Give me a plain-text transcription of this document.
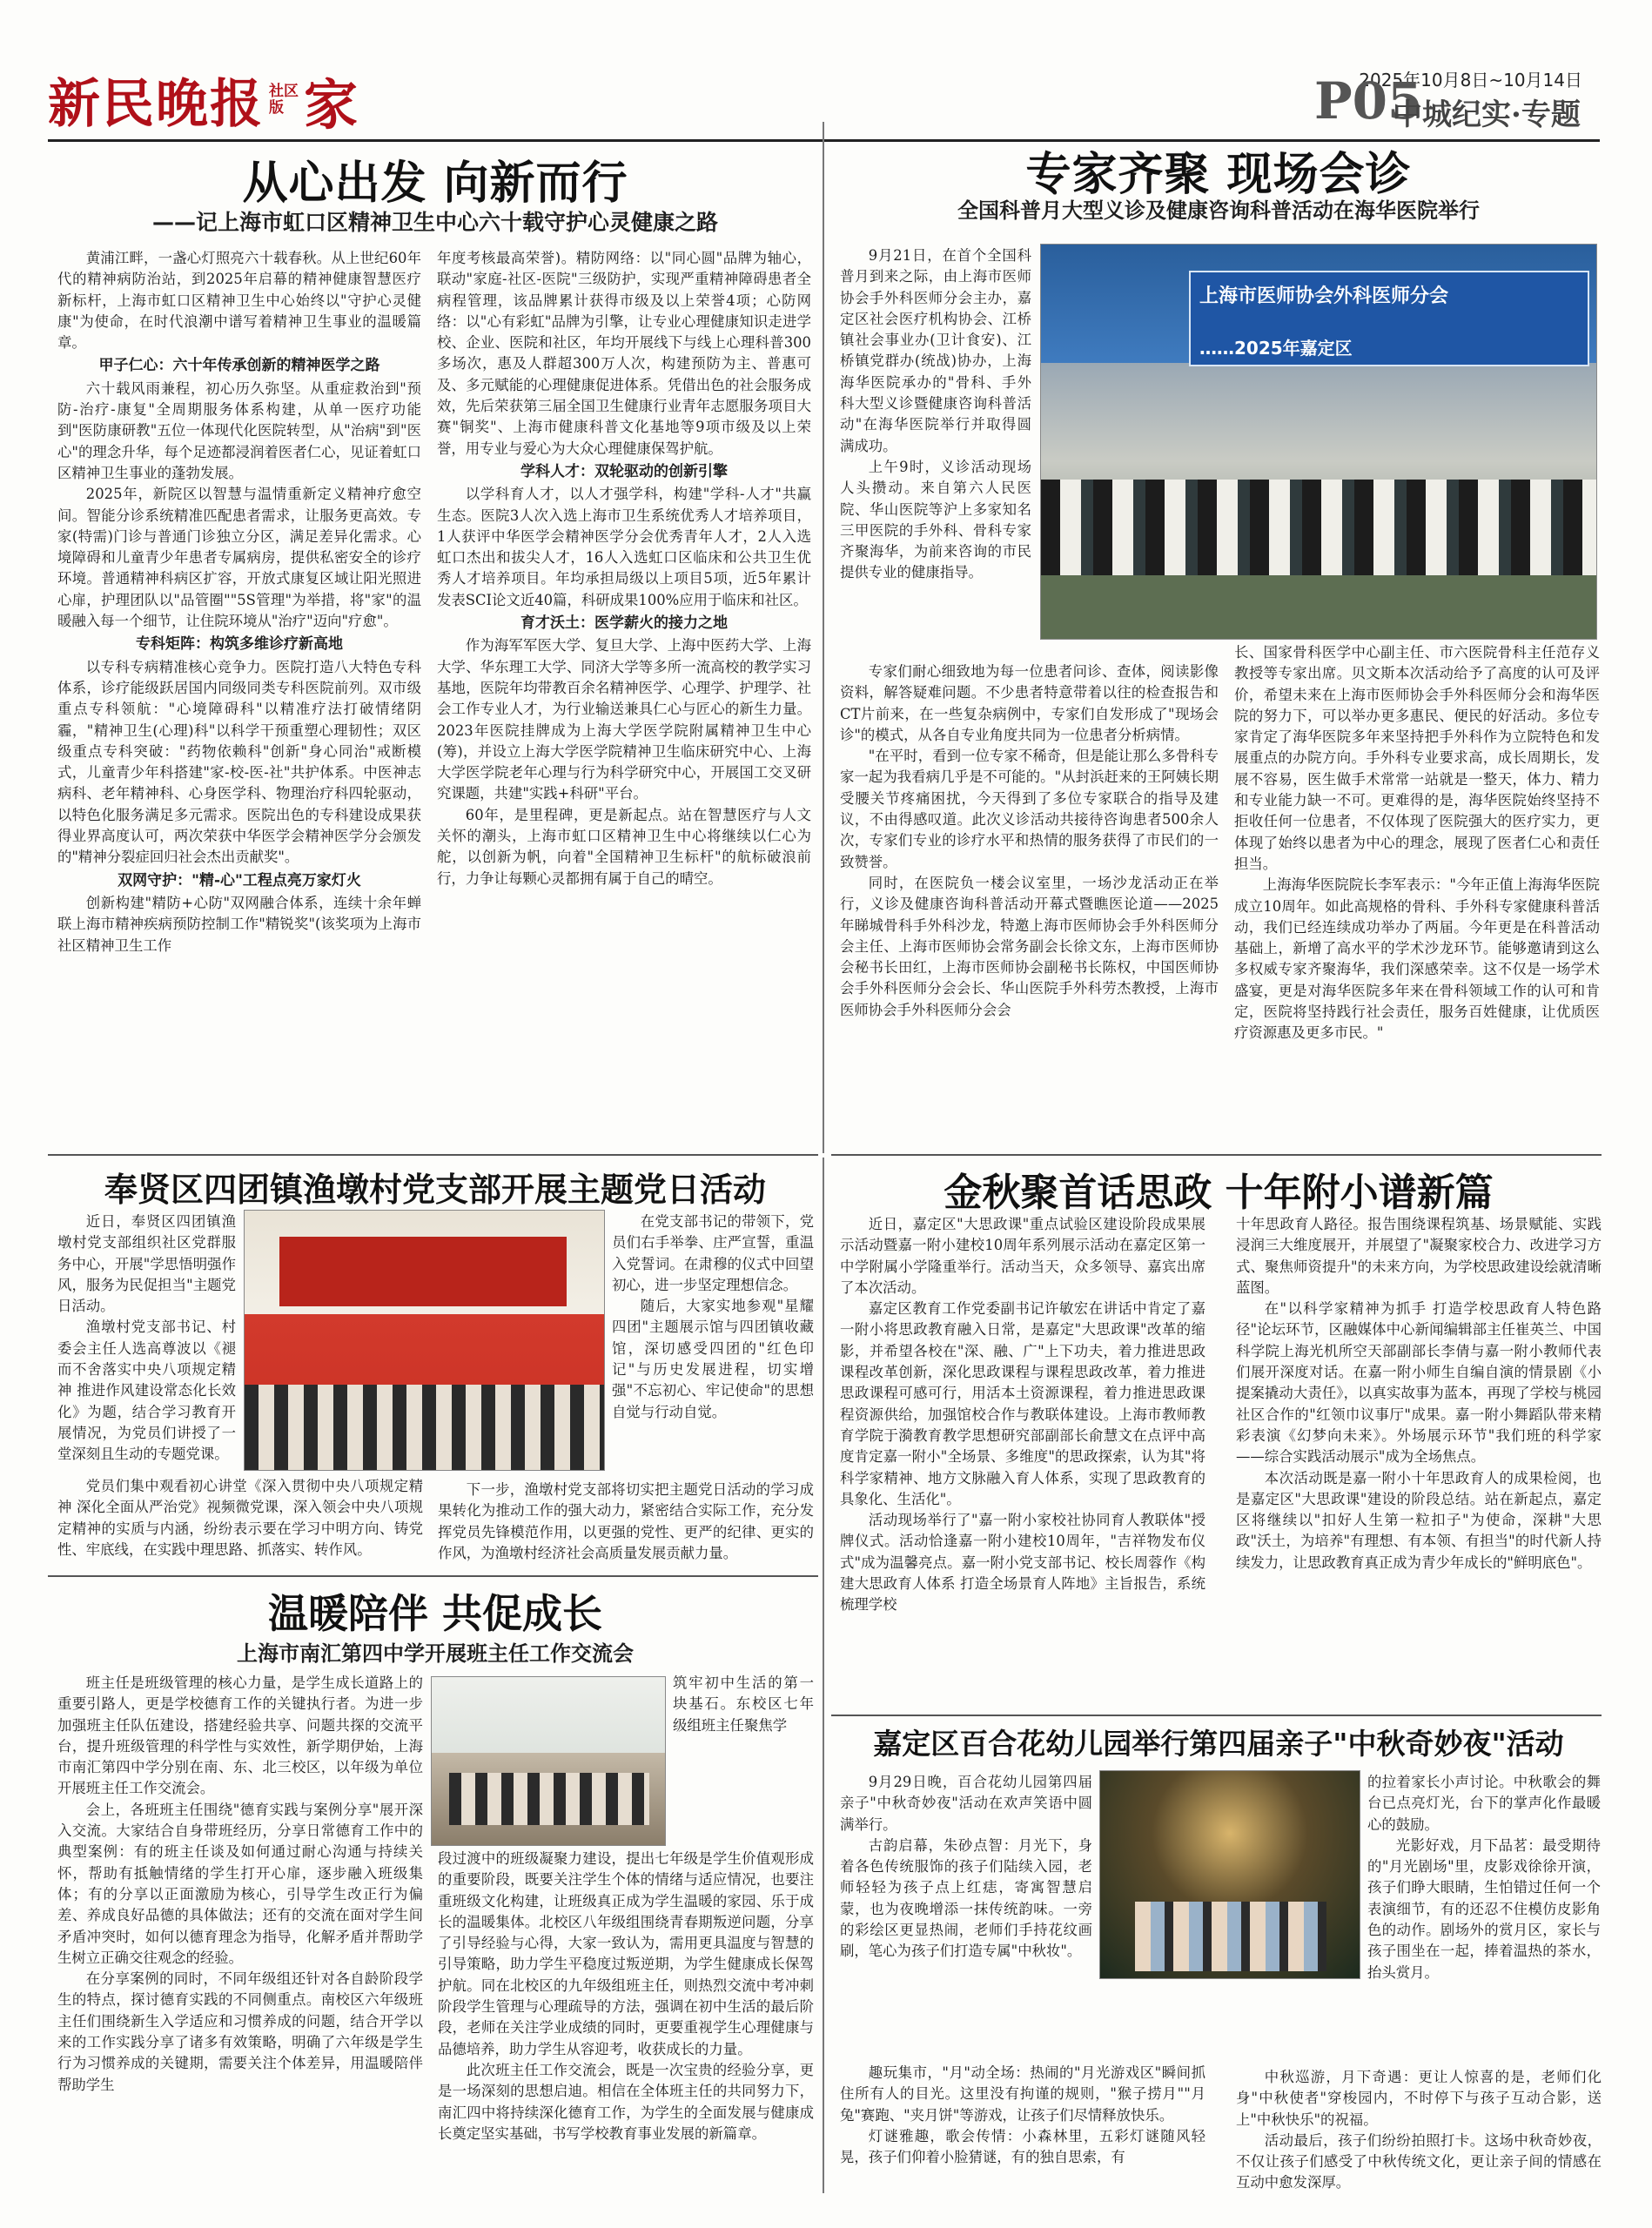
新民晚报 社区
版 家	2025年10月8日~10月14日
P05
中城纪实·专题
从心出发 向新而行
——记上海市虹口区精神卫生中心六十载守护心灵健康之路

黄浦江畔，一盏心灯照亮六十载春秋。从上世纪60年代的精神病防治站，到2025年启幕的精神健康智慧医疗新标杆，上海市虹口区精神卫生中心始终以"守护心灵健康"为使命，在时代浪潮中谱写着精神卫生事业的温暖篇章。

甲子仁心：六十年传承创新的精神医学之路

六十载风雨兼程，初心历久弥坚。从重症救治到"预防-治疗-康复"全周期服务体系构建，从单一医疗功能到"医防康研教"五位一体现代化医院转型，从"治病"到"医心"的理念升华，每个足迹都浸润着医者仁心，见证着虹口区精神卫生事业的蓬勃发展。

2025年，新院区以智慧与温情重新定义精神疗愈空间。智能分诊系统精准匹配患者需求，让服务更高效。专家(特需)门诊与普通门诊独立分区，满足差异化需求。心境障碍和儿童青少年患者专属病房，提供私密安全的诊疗环境。普通精神科病区扩容，开放式康复区域让阳光照进心扉，护理团队以"品管圈""5S管理"为举措，将"家"的温暖融入每一个细节，让住院环境从"治疗"迈向"疗愈"。

专科矩阵：构筑多维诊疗新高地

以专科专病精准核心竞争力。医院打造八大特色专科体系，诊疗能级跃居国内同级同类专科医院前列。双市级重点专科领航："心境障碍科"以精准疗法打破情绪阴霾，"精神卫生(心理)科"以科学干预重塑心理韧性；双区级重点专科突破："药物依赖科"创新"身心同治"戒断模式，儿童青少年科搭建"家-校-医-社"共护体系。中医神志病科、老年精神科、心身医学科、物理治疗科四轮驱动，以特色化服务满足多元需求。医院出色的专科建设成果获得业界高度认可，两次荣获中华医学会精神医学分会颁发的"精神分裂症回归社会杰出贡献奖"。

双网守护："精-心"工程点亮万家灯火

创新构建"精防+心防"双网融合体系，连续十余年蝉联上海市精神疾病预防控制工作"精锐奖"(该奖项为上海市社区精神卫生工作

年度考核最高荣誉)。精防网络：以"同心圆"品牌为轴心，联动"家庭-社区-医院"三级防护，实现严重精神障碍患者全病程管理，该品牌累计获得市级及以上荣誉4项；心防网络：以"心有彩虹"品牌为引擎，让专业心理健康知识走进学校、企业、医院和社区，年均开展线下与线上心理科普300多场次，惠及人群超300万人次，构建预防为主、普惠可及、多元赋能的心理健康促进体系。凭借出色的社会服务成效，先后荣获第三届全国卫生健康行业青年志愿服务项目大赛"铜奖"、上海市健康科普文化基地等9项市级及以上荣誉，用专业与爱心为大众心理健康保驾护航。

学科人才：双轮驱动的创新引擎

以学科育人才，以人才强学科，构建"学科-人才"共赢生态。医院3人次入选上海市卫生系统优秀人才培养项目，1人获评中华医学会精神医学分会优秀青年人才，2人入选虹口杰出和拔尖人才，16人入选虹口区临床和公共卫生优秀人才培养项目。年均承担局级以上项目5项，近5年累计发表SCI论文近40篇，科研成果100%应用于临床和社区。

育才沃土：医学薪火的接力之地

作为海军军医大学、复旦大学、上海中医药大学、上海大学、华东理工大学、同济大学等多所一流高校的教学实习基地，医院年均带教百余名精神医学、心理学、护理学、社会工作专业人才，为行业输送兼具仁心与匠心的新生力量。2023年医院挂牌成为上海大学医学院附属精神卫生中心(筹)，并设立上海大学医学院精神卫生临床研究中心、上海大学医学院老年心理与行为科学研究中心，开展国工交叉研究课题，共建"实践+科研"平台。

60年，是里程碑，更是新起点。站在智慧医疗与人文关怀的潮头，上海市虹口区精神卫生中心将继续以仁心为舵，以创新为帆，向着"全国精神卫生标杆"的航标破浪前行，力争让每颗心灵都拥有属于自己的晴空。

专家齐聚 现场会诊
全国科普月大型义诊及健康咨询科普活动在海华医院举行
上海市医师协会外科医师分会
……2025年嘉定区

9月21日，在首个全国科普月到来之际，由上海市医师协会手外科医师分会主办，嘉定区社会医疗机构协会、江桥镇社会事业办(卫计食安)、江桥镇党群办(统战)协办，上海海华医院承办的"骨科、手外科大型义诊暨健康咨询科普活动"在海华医院举行并取得圆满成功。

上午9时，义诊活动现场人头攒动。来自第六人民医院、华山医院等沪上多家知名三甲医院的手外科、骨科专家齐聚海华，为前来咨询的市民提供专业的健康指导。

专家们耐心细致地为每一位患者问诊、查体，阅读影像资料，解答疑难问题。不少患者特意带着以往的检查报告和CT片前来，在一些复杂病例中，专家们自发形成了"现场会诊"的模式，从各自专业角度共同为一位患者分析病情。

"在平时，看到一位专家不稀奇，但是能让那么多骨科专家一起为我看病几乎是不可能的。"从封浜赶来的王阿姨长期受腰关节疼痛困扰，今天得到了多位专家联合的指导及建议，不由得感叹道。此次义诊活动共接待咨询患者500余人次，专家们专业的诊疗水平和热情的服务获得了市民们的一致赞誉。

同时，在医院负一楼会议室里，一场沙龙活动正在举行，义诊及健康咨询科普活动开幕式暨瞧医论道——2025年睇城骨科手外科沙龙，特邀上海市医师协会手外科医师分会主任、上海市医师协会常务副会长徐文东，上海市医师协会秘书长田红，上海市医师协会副秘书长陈权，中国医师协会手外科医师分会会长、华山医院手外科劳杰教授，上海市医师协会手外科医师分会会

长、国家骨科医学中心副主任、市六医院骨科主任范存义教授等专家出席。贝文斯本次活动给予了高度的认可及评价，希望未来在上海市医师协会手外科医师分会和海华医院的努力下，可以举办更多惠民、便民的好活动。多位专家肯定了海华医院多年来坚持把手外科作为立院特色和发展重点的办院方向。手外科专业要求高，成长周期长，发展不容易，医生做手术常常一站就是一整天，体力、精力和专业能力缺一不可。更难得的是，海华医院始终坚持不拒收任何一位患者，不仅体现了医院强大的医疗实力，更体现了始终以患者为中心的理念，展现了医者仁心和责任担当。

上海海华医院院长李军表示："今年正值上海海华医院成立10周年。如此高规格的骨科、手外科专家健康科普活动，我们已经连续成功举办了两届。今年更是在科普活动基础上，新增了高水平的学术沙龙环节。能够邀请到这么多权威专家齐聚海华，我们深感荣幸。这不仅是一场学术盛宴，更是对海华医院多年来在骨科领域工作的认可和肯定，医院将坚持践行社会责任，服务百姓健康，让优质医疗资源惠及更多市民。"

奉贤区四团镇渔墩村党支部开展主题党日活动

近日，奉贤区四团镇渔墩村党支部组织社区党群服务中心，开展"学思悟明强作风，服务为民促担当"主题党日活动。

渔墩村党支部书记、村委会主任人选高尊波以《褪而不舍落实中央八项规定精神 推进作风建设常态化长效化》为题，结合学习教育开展情况，为党员们讲授了一堂深刻且生动的专题党课。

党员们集中观看初心讲堂《深入贯彻中央八项规定精神 深化全面从严治党》视频微党课，深入领会中央八项规定精神的实质与内涵，纷纷表示要在学习中明方向、铸党性、牢底线，在实践中理思路、抓落实、转作风。

在党支部书记的带领下，党员们右手举拳、庄严宣誓，重温入党誓词。在肃穆的仪式中回望初心，进一步坚定理想信念。

随后，大家实地参观"星耀四团"主题展示馆与四团镇收藏馆，深切感受四团的"红色印记"与历史发展进程，切实增强"不忘初心、牢记使命"的思想自觉与行动自觉。

下一步，渔墩村党支部将切实把主题党日活动的学习成果转化为推动工作的强大动力，紧密结合实际工作，充分发挥党员先锋模范作用，以更强的党性、更严的纪律、更实的作风，为渔墩村经济社会高质量发展贡献力量。

金秋聚首话思政 十年附小谱新篇

近日，嘉定区"大思政课"重点试验区建设阶段成果展示活动暨嘉一附小建校10周年系列展示活动在嘉定区第一中学附属小学隆重举行。活动当天，众多领导、嘉宾出席了本次活动。

嘉定区教育工作党委副书记许敏宏在讲话中肯定了嘉一附小将思政教育融入日常，是嘉定"大思政课"改革的缩影，并希望各校在"深、融、广"上下功夫，着力推进思政课程改革创新，深化思政课程与课程思政改革，着力推进思政课程可感可行，用活本土资源课程，着力推进思政课程资源供给，加强馆校合作与教联体建设。上海市教师教育学院于漪教育教学思想研究部副部长俞慧文在点评中高度肯定嘉一附小"全场景、多维度"的思政探索，认为其"将科学家精神、地方文脉融入育人体系，实现了思政教育的具象化、生活化"。

活动现场举行了"嘉一附小家校社协同育人教联体"授牌仪式。活动恰逢嘉一附小建校10周年，"吉祥物发布仪式"成为温馨亮点。嘉一附小党支部书记、校长周蓉作《构建大思政育人体系 打造全场景育人阵地》主旨报告，系统梳理学校

十年思政育人路径。报告围绕课程筑基、场景赋能、实践浸润三大维度展开，并展望了"凝聚家校合力、改进学习方式、聚焦师资提升"的未来方向，为学校思政建设绘就清晰蓝图。

在"以科学家精神为抓手 打造学校思政育人特色路径"论坛环节，区融媒体中心新闻编辑部主任崔英兰、中国科学院上海光机所空天部副部长李倩与嘉一附小教师代表们展开深度对话。在嘉一附小师生自编自演的情景剧《小提案撬动大责任》，以真实故事为蓝本，再现了学校与桃园社区合作的"红领巾议事厅"成果。嘉一附小舞蹈队带来精彩表演《幻梦向未来》。外场展示环节"我们班的科学家——综合实践活动展示"成为全场焦点。

本次活动既是嘉一附小十年思政育人的成果检阅，也是嘉定区"大思政课"建设的阶段总结。站在新起点，嘉定区将继续以"扣好人生第一粒扣子"为使命，深耕"大思政"沃土，为培养"有理想、有本领、有担当"的时代新人持续发力，让思政教育真正成为青少年成长的"鲜明底色"。

温暖陪伴 共促成长
上海市南汇第四中学开展班主任工作交流会

班主任是班级管理的核心力量，是学生成长道路上的重要引路人，更是学校德育工作的关键执行者。为进一步加强班主任队伍建设，搭建经验共享、问题共探的交流平台，提升班级管理的科学性与实效性，新学期伊始，上海市南汇第四中学分别在南、东、北三校区，以年级为单位开展班主任工作交流会。

会上，各班班主任围绕"德育实践与案例分享"展开深入交流。大家结合自身带班经历，分享日常德育工作中的典型案例：有的班主任谈及如何通过耐心沟通与持续关怀，帮助有抵触情绪的学生打开心扉，逐步融入班级集体；有的分享以正面激励为核心，引导学生改正行为偏差、养成良好品德的具体做法；还有的交流在面对学生间矛盾冲突时，如何以德育理念为指导，化解矛盾并帮助学生树立正确交往观念的经验。

在分享案例的同时，不同年级组还针对各自龄阶段学生的特点，探讨德育实践的不同侧重点。南校区六年级班主任们围绕新生入学适应和习惯养成的问题，结合开学以来的工作实践分享了诸多有效策略，明确了六年级是学生行为习惯养成的关键期，需要关注个体差异，用温暖陪伴帮助学生

筑牢初中生活的第一块基石。东校区七年级组班主任聚焦学

段过渡中的班级凝聚力建设，提出七年级是学生价值观形成的重要阶段，既要关注学生个体的情绪与适应情况，也要注重班级文化构建，让班级真正成为学生温暖的家园、乐于成长的温暖集体。北校区八年级组围绕青春期叛逆问题，分享了引导经验与心得，大家一致认为，需用更具温度与智慧的引导策略，助力学生平稳度过叛逆期，为学生健康成长保驾护航。同在北校区的九年级组班主任，则热烈交流中考冲刺阶段学生管理与心理疏导的方法，强调在初中生活的最后阶段，老师在关注学业成绩的同时，更要重视学生心理健康与品德培养，助力学生从容迎考，收获成长的力量。

此次班主任工作交流会，既是一次宝贵的经验分享，更是一场深刻的思想启迪。相信在全体班主任的共同努力下，南汇四中将持续深化德育工作，为学生的全面发展与健康成长奠定坚实基础，书写学校教育事业发展的新篇章。

嘉定区百合花幼儿园举行第四届亲子"中秋奇妙夜"活动

9月29日晚，百合花幼儿园第四届亲子"中秋奇妙夜"活动在欢声笑语中圆满举行。

古韵启幕，朱砂点智：月光下，身着各色传统服饰的孩子们陆续入园，老师轻轻为孩子点上红痣，寄寓智慧启蒙，也为夜晚增添一抹传统韵味。一旁的彩绘区更显热闹，老师们手持花纹画刷，笔心为孩子们打造专属"中秋妆"。

趣玩集市，"月"动全场：热闹的"月光游戏区"瞬间抓住所有人的目光。这里没有拘谨的规则，"猴子捞月""月兔"赛跑、"夹月饼"等游戏，让孩子们尽情释放快乐。

灯谜雅趣，歌会传情：小森林里，五彩灯谜随风轻晃，孩子们仰着小脸猜谜，有的独自思索，有

的拉着家长小声讨论。中秋歌会的舞台已点亮灯光，台下的掌声化作最暖心的鼓励。

光影好戏，月下品茗：最受期待的"月光剧场"里，皮影戏徐徐开演，孩子们睁大眼睛，生怕错过任何一个表演细节，有的还忍不住模仿皮影角色的动作。剧场外的赏月区，家长与孩子围坐在一起，捧着温热的茶水，抬头赏月。

中秋巡游，月下奇遇：更让人惊喜的是，老师们化身"中秋使者"穿梭园内，不时停下与孩子互动合影，送上"中秋快乐"的祝福。

活动最后，孩子们纷纷拍照打卡。这场中秋奇妙夜，不仅让孩子们感受了中秋传统文化，更让亲子间的情感在互动中愈发深厚。
